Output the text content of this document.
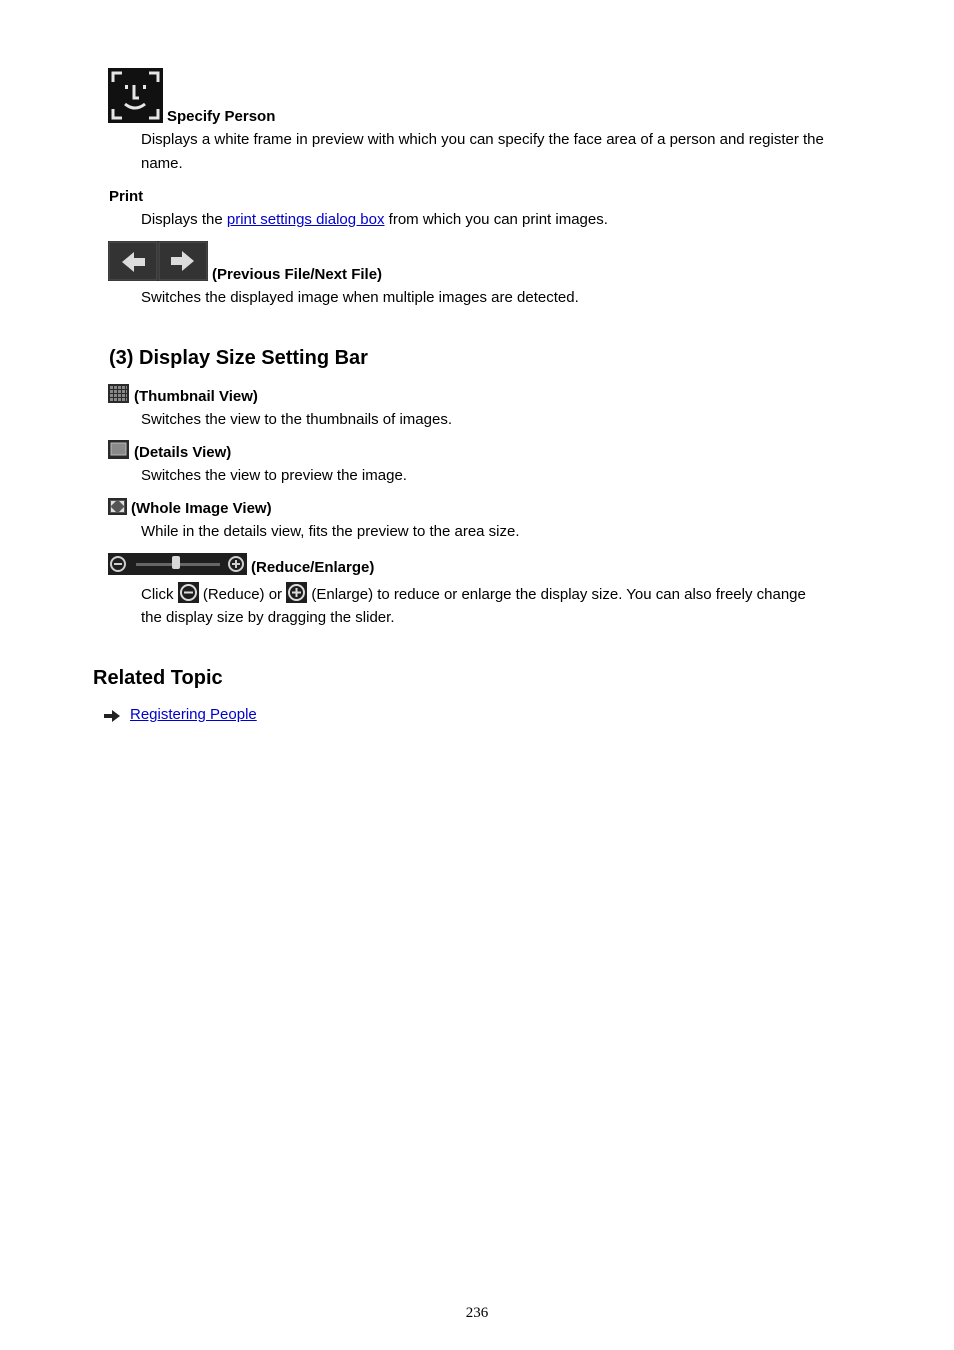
Specify Person
Displays a white frame in preview with which you can specify the face area of a person and register the name.
Print
Displays the print settings dialog box from which you can print images.
(Previous File/Next File)
Switches the displayed image when multiple images are detected.
(3) Display Size Setting Bar
(Thumbnail View)
Switches the view to the thumbnails of images.
(Details View)
Switches the view to preview the image.
(Whole Image View)
While in the details view, fits the preview to the area size.
(Reduce/Enlarge)
Click  (Reduce) or  (Enlarge) to reduce or enlarge the display size. You can also freely change
the display size by dragging the slider.
Related Topic
Registering People
236
